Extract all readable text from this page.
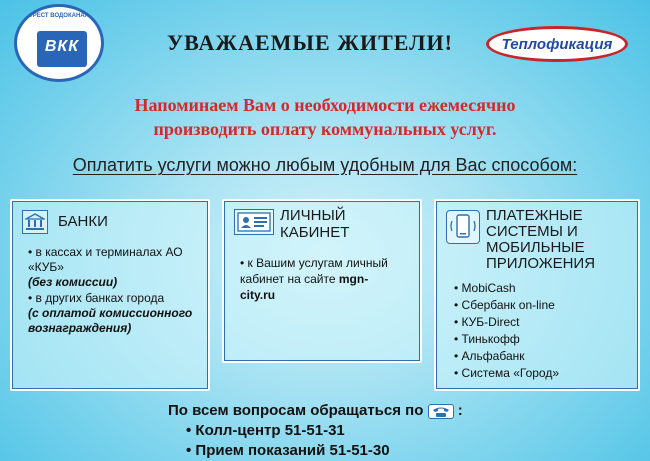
ТРЕСТ ВОДОКАНАЛ
ВКК	УВАЖАЕМЫЕ ЖИТЕЛИ!	Теплофикация
Напоминаем Вам о необходимости ежемесячно
производить оплату коммунальных услуг.
Оплатить услуги можно любым удобным для Вас способом:
БАНКИ
• в кассах и терминалах АО «КУБ»
(без комиссии)
• в других банках города
(с оплатой комиссионного вознаграждения)
ЛИЧНЫЙ
КАБИНЕТ
• к Вашим услугам личный кабинет на сайте mgn-city.ru
ПЛАТЕЖНЫЕ
СИСТЕМЫ И
МОБИЛЬНЫЕ
ПРИЛОЖЕНИЯ
• MobiCash
• Сбербанк on-line
• КУБ-Direct
• Тинькофф
• Альфабанк
• Система «Город»
По всем вопросам обращаться по :
• Колл-центр 51-51-31
• Прием показаний 51-51-30
